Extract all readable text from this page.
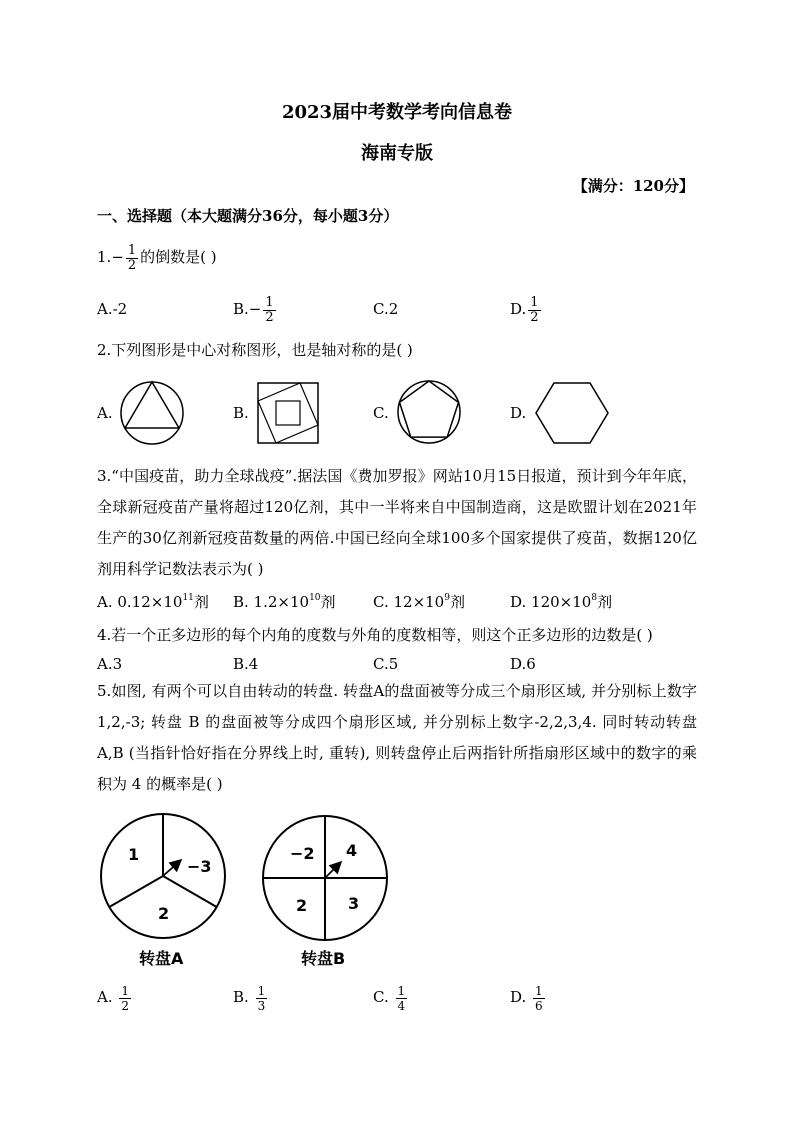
2023届中考数学考向信息卷
海南专版
【满分：120分】
一、选择题（本大题满分36分，每小题3分）
$1.- \frac{1}{2}$ 的倒数是( )
A.-2	$B.- \frac{1}{2}$	C.2	D. $\frac{1}{2}$
2.下列图形是中心对称图形，也是轴对称的是( )
A.	B.	C.	D.
3.“中国疫苗，助力全球战疫”.据法国《费加罗报》网站10月15日报道，预计到今年年底，全球新冠疫苗产量将超过120亿剂，其中一半将来自中国制造商，这是欧盟计划在2021年生产的30亿剂新冠疫苗数量的两倍.中国已经向全球100多个国家提供了疫苗，数据120亿剂用科学记数法表示为( )
A. $0.12\times 10^{11}$剂 B. $1.2\times 10^{10}$剂 C. $12\times 10^9$剂	D. $120\times 10^8$剂
4.若一个正多边形的每个内角的度数与外角的度数相等，则这个正多边形的边数是( )
A.3	B.4	C.5	D.6
5.如图, 有两个可以自由转动的转盘. 转盘A的盘面被等分成三个扇形区域, 并分别标上数字 1,2,-3; 转盘 B 的盘面被等分成四个扇形区域, 并分别标上数字-2,2,3,4. 同时转动转盘 A,B (当指针恰好指在分界线上时, 重转), 则转盘停止后两指针所指扇形区域中的数字的乘积为 4 的概率是( )
1
−3
2
转盘A
−2 4
2	3
转盘B
A. $\frac{1}{2}$	B. $\frac{1}{3}$	C. $\frac{1}{4}$	D. $\frac{1}{6}$
